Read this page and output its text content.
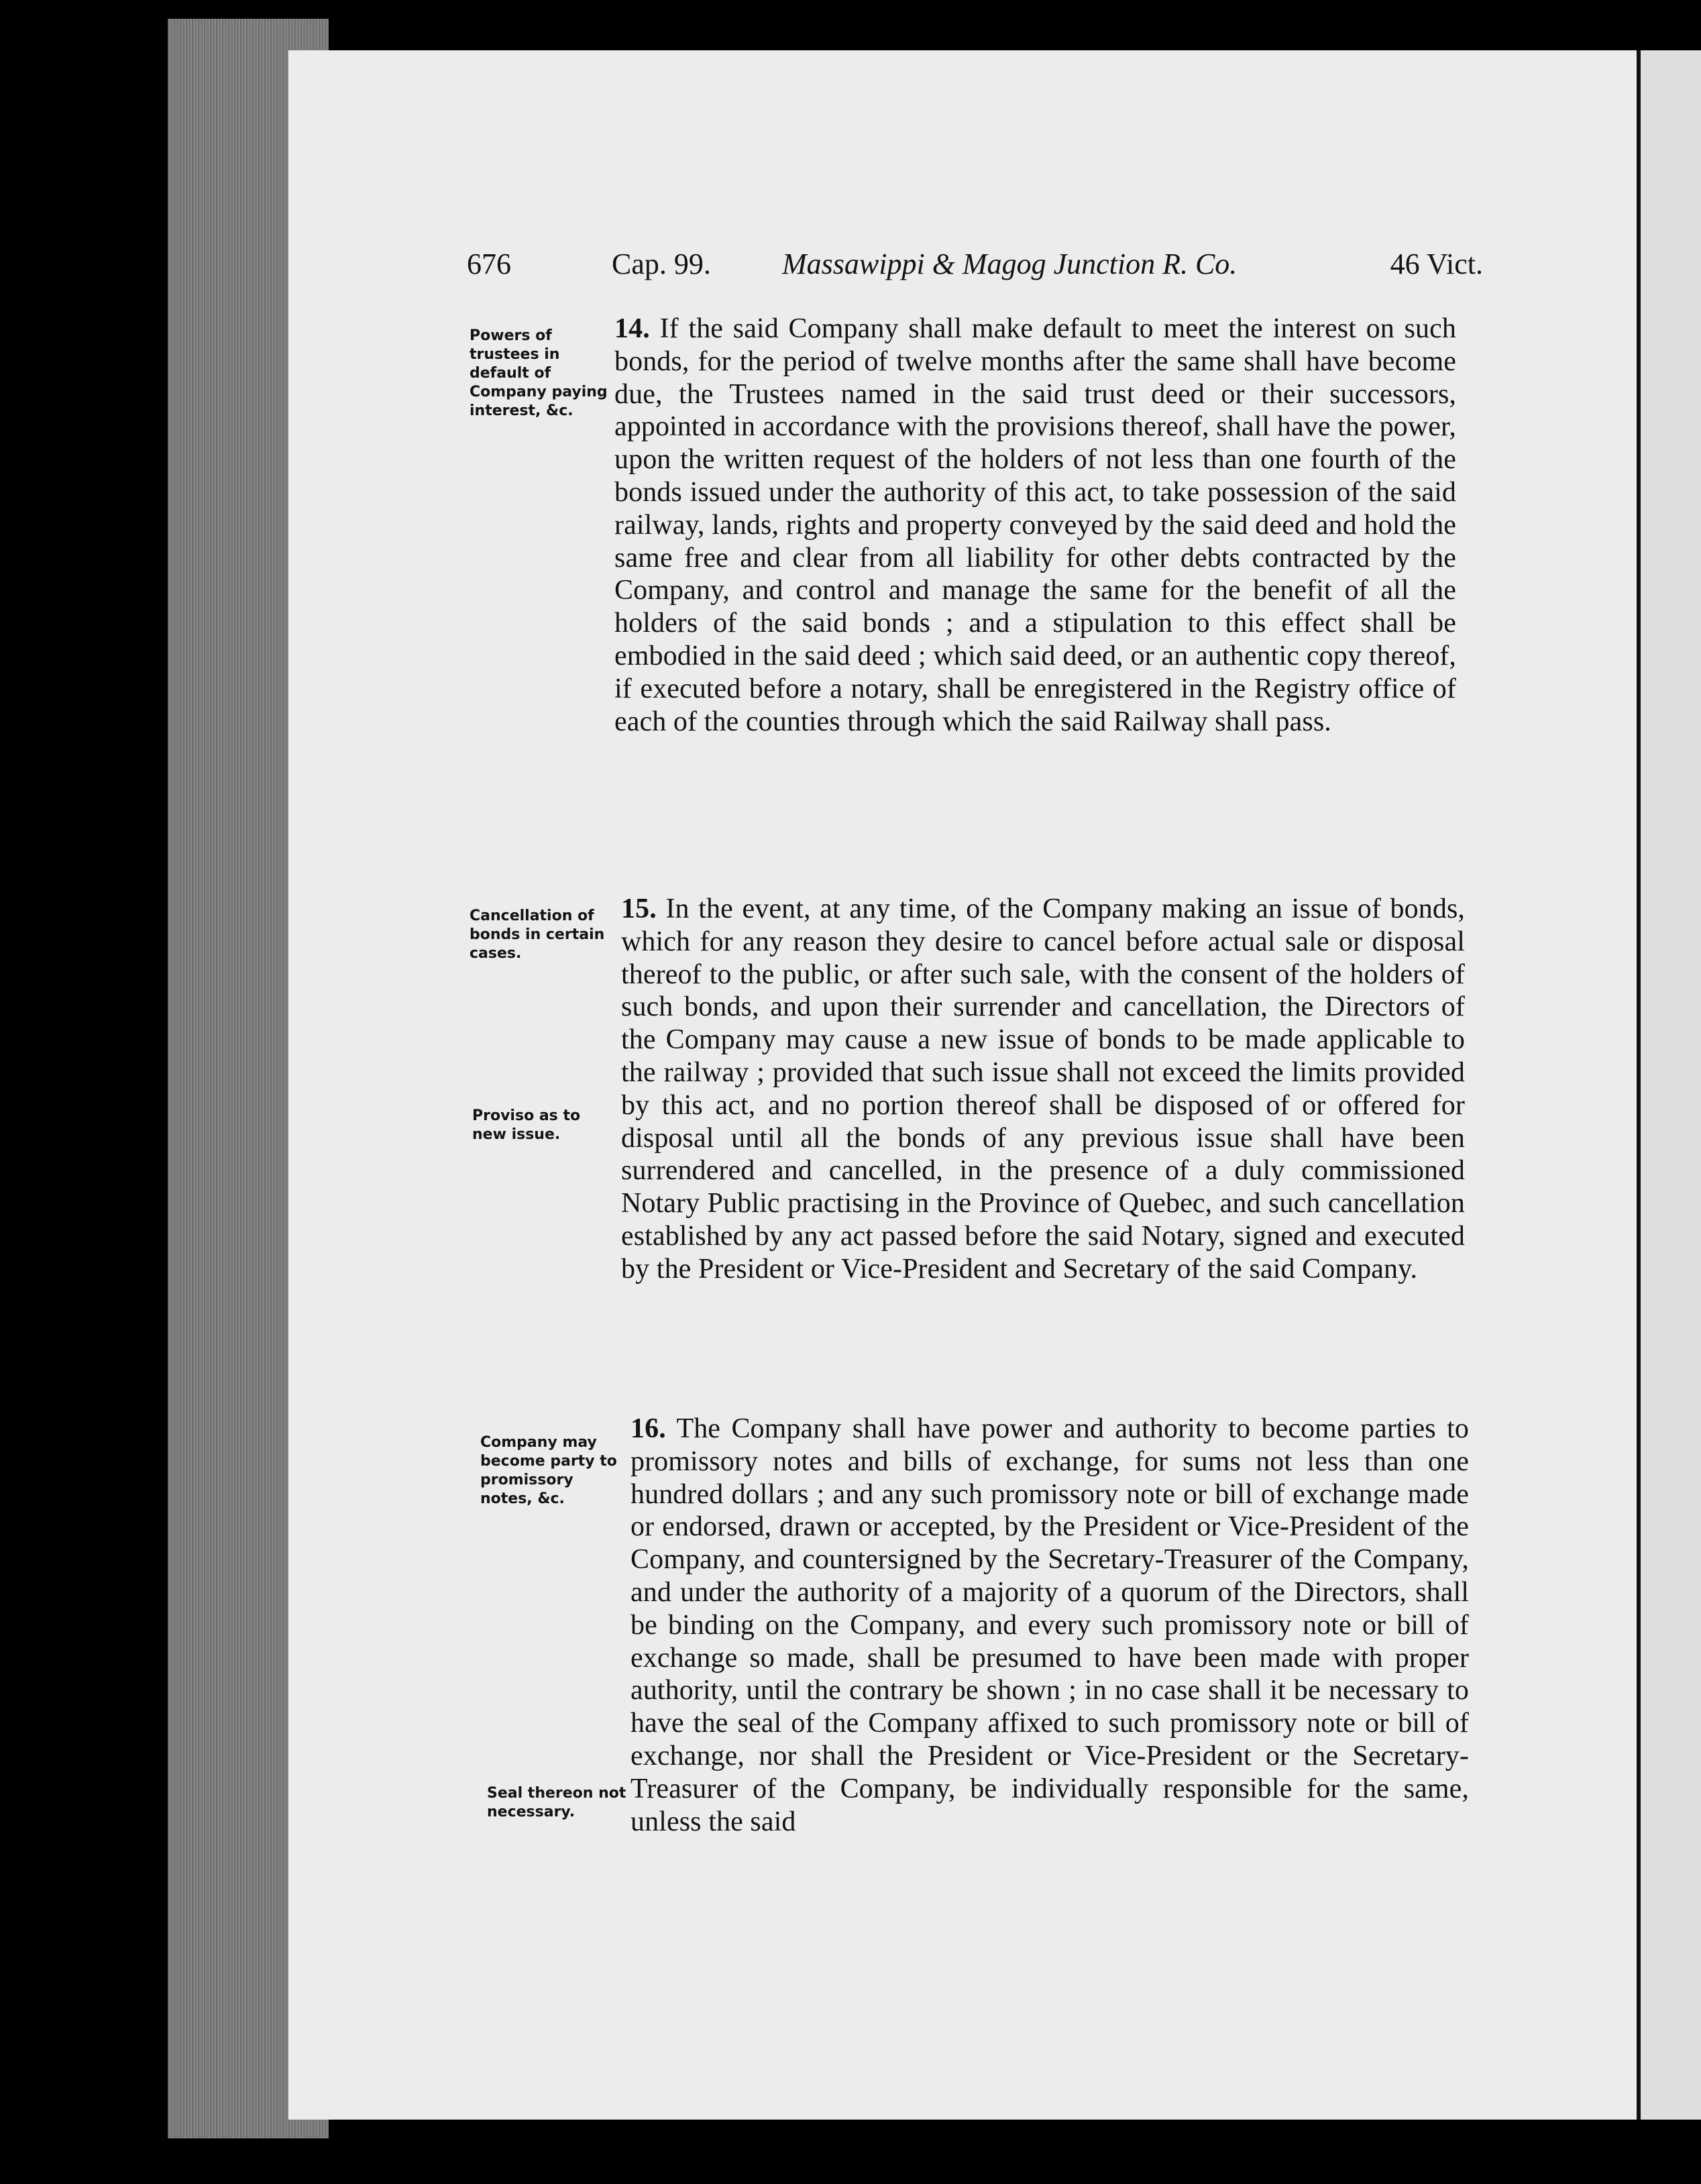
676	Cap. 99. Massawippi & Magog Junction R. Co.	46 Vict.
Powers of trustees in default of Company paying interest, &c.
14. If the said Company shall make default to meet the interest on such bonds, for the period of twelve months after the same shall have become due, the Trustees named in the said trust deed or their successors, appointed in accordance with the provisions thereof, shall have the power, upon the written request of the holders of not less than one fourth of the bonds issued under the authority of this act, to take possession of the said railway, lands, rights and property conveyed by the said deed and hold the same free and clear from all liability for other debts contracted by the Company, and control and manage the same for the benefit of all the holders of the said bonds ; and a stipulation to this effect shall be embodied in the said deed ; which said deed, or an authentic copy thereof, if executed before a notary, shall be enregistered in the Registry office of each of the counties through which the said Railway shall pass.
Cancellation of bonds in certain cases.
Proviso as to new issue.
15. In the event, at any time, of the Company making an issue of bonds, which for any reason they desire to cancel before actual sale or disposal thereof to the public, or after such sale, with the consent of the holders of such bonds, and upon their surrender and cancellation, the Directors of the Company may cause a new issue of bonds to be made applicable to the railway ; provided that such issue shall not exceed the limits provided by this act, and no portion thereof shall be disposed of or offered for disposal until all the bonds of any previous issue shall have been surrendered and cancelled, in the presence of a duly commissioned Notary Public practising in the Province of Quebec, and such cancellation established by any act passed before the said Notary, signed and executed by the President or Vice-President and Secretary of the said Company.
Company may become party to promissory notes, &c.
Seal thereon not necessary.
16. The Company shall have power and authority to become parties to promissory notes and bills of exchange, for sums not less than one hundred dollars ; and any such promissory note or bill of exchange made or endorsed, drawn or accepted, by the President or Vice-President of the Company, and countersigned by the Secretary-Treasurer of the Company, and under the authority of a majority of a quorum of the Directors, shall be binding on the Company, and every such promissory note or bill of exchange so made, shall be presumed to have been made with proper authority, until the contrary be shown ; in no case shall it be necessary to have the seal of the Company affixed to such promissory note or bill of exchange, nor shall the President or Vice-President or the Secretary-Treasurer of the Company, be individually responsible for the same, unless the said
